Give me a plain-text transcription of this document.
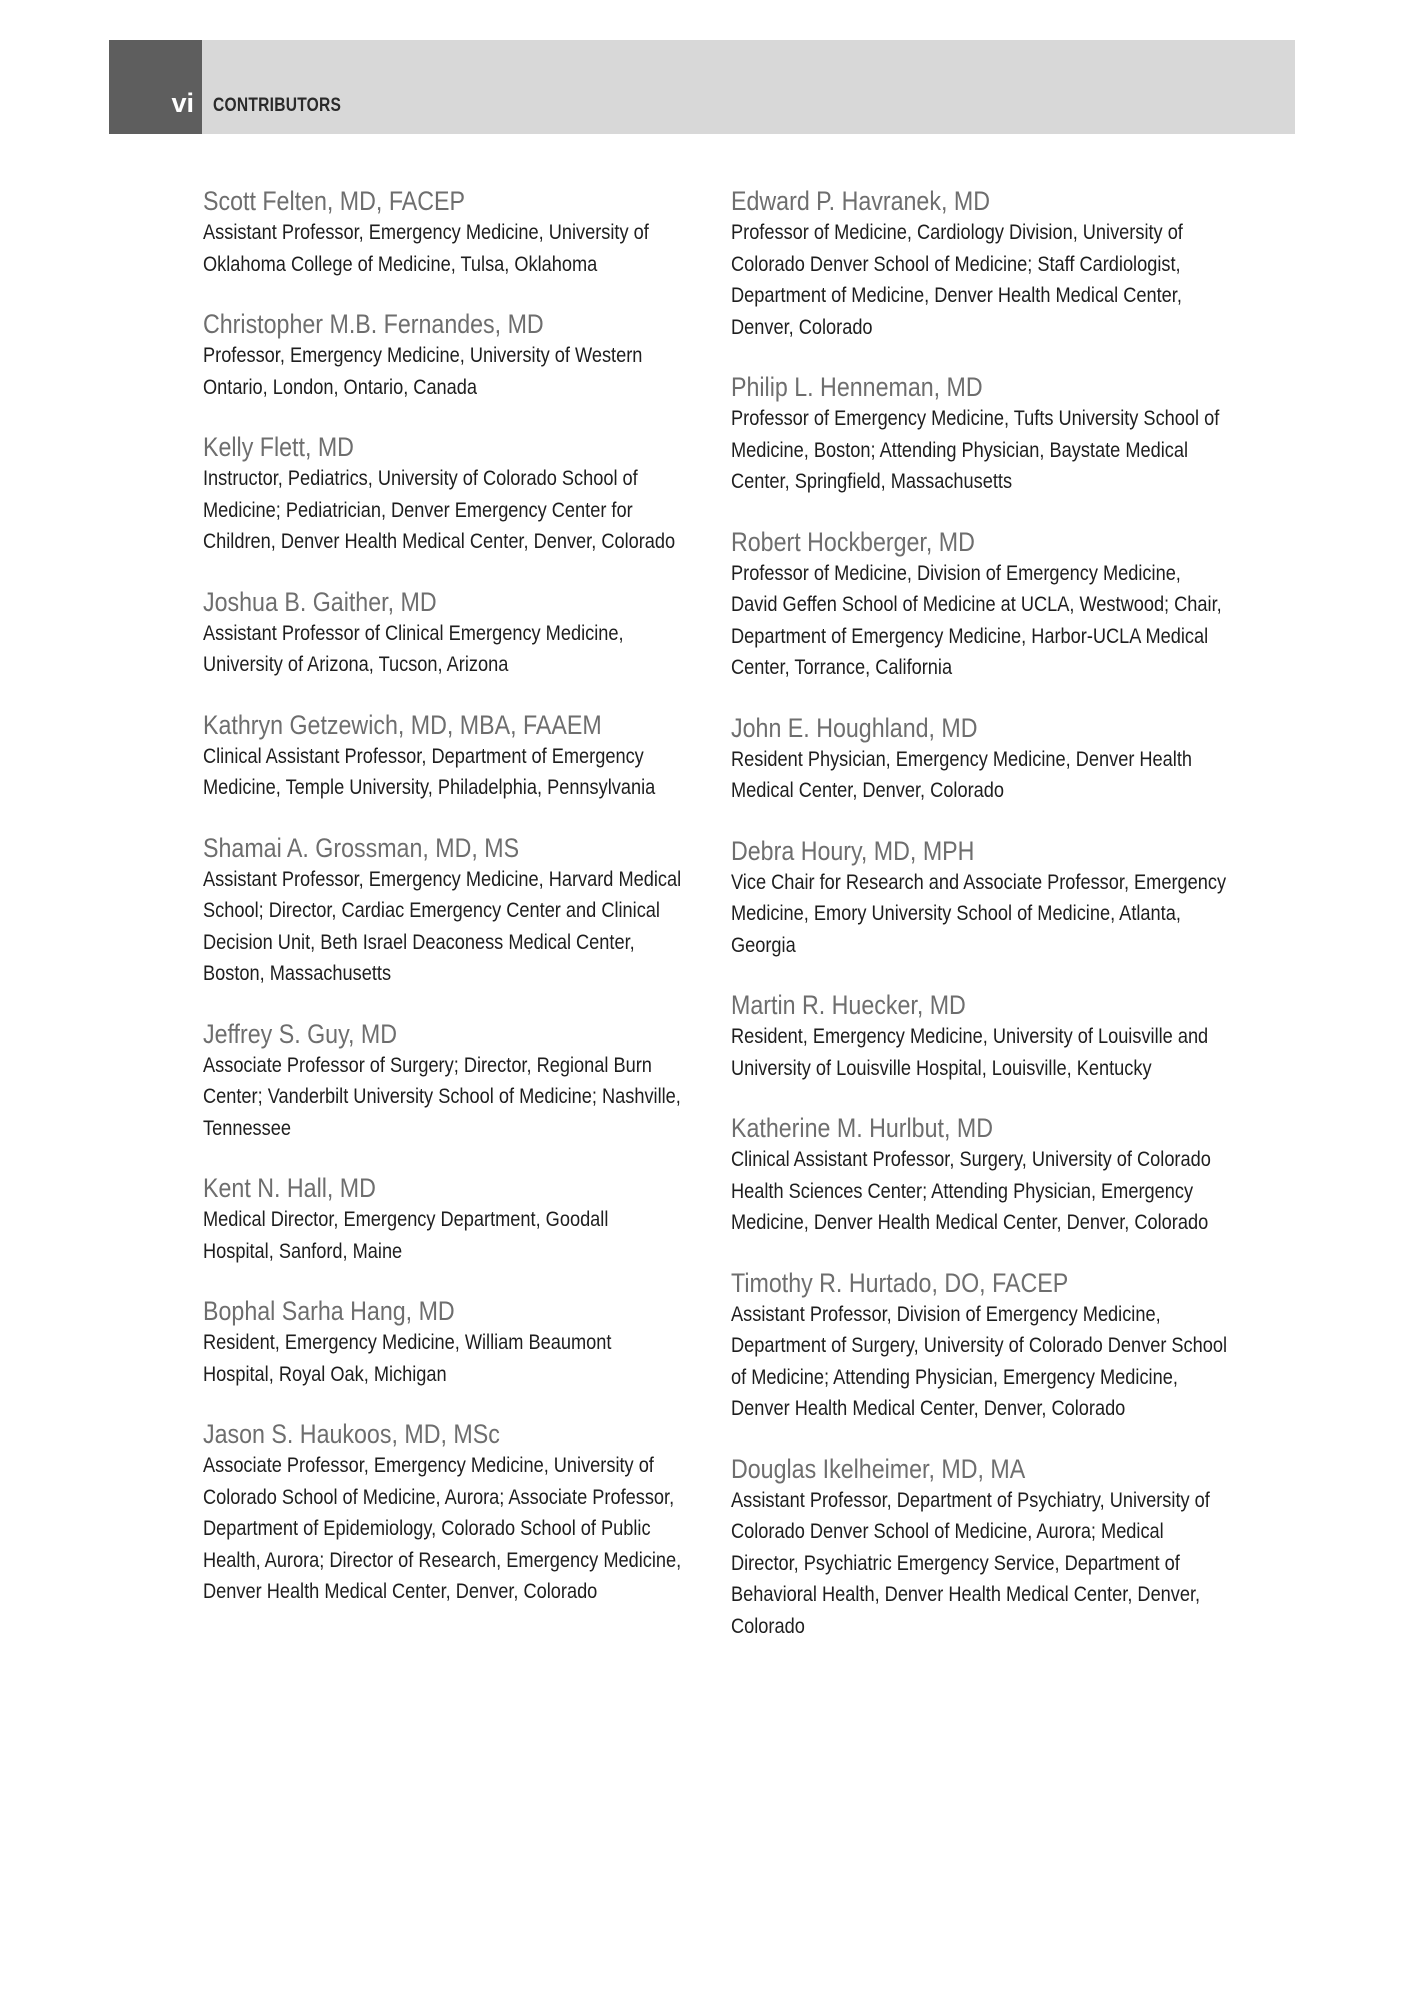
vi CONTRIBUTORS
Scott Felten, MD, FACEP
Assistant Professor, Emergency Medicine, University of Oklahoma College of Medicine, Tulsa, Oklahoma
Christopher M.B. Fernandes, MD
Professor, Emergency Medicine, University of Western Ontario, London, Ontario, Canada
Kelly Flett, MD
Instructor, Pediatrics, University of Colorado School of Medicine; Pediatrician, Denver Emergency Center for Children, Denver Health Medical Center, Denver, Colorado
Joshua B. Gaither, MD
Assistant Professor of Clinical Emergency Medicine, University of Arizona, Tucson, Arizona
Kathryn Getzewich, MD, MBA, FAAEM
Clinical Assistant Professor, Department of Emergency Medicine, Temple University, Philadelphia, Pennsylvania
Shamai A. Grossman, MD, MS
Assistant Professor, Emergency Medicine, Harvard Medical School; Director, Cardiac Emergency Center and Clinical Decision Unit, Beth Israel Deaconess Medical Center, Boston, Massachusetts
Jeffrey S. Guy, MD
Associate Professor of Surgery; Director, Regional Burn Center; Vanderbilt University School of Medicine; Nashville, Tennessee
Kent N. Hall, MD
Medical Director, Emergency Department, Goodall Hospital, Sanford, Maine
Bophal Sarha Hang, MD
Resident, Emergency Medicine, William Beaumont Hospital, Royal Oak, Michigan
Jason S. Haukoos, MD, MSc
Associate Professor, Emergency Medicine, University of Colorado School of Medicine, Aurora; Associate Professor, Department of Epidemiology, Colorado School of Public Health, Aurora; Director of Research, Emergency Medicine, Denver Health Medical Center, Denver, Colorado
Edward P. Havranek, MD
Professor of Medicine, Cardiology Division, University of Colorado Denver School of Medicine; Staff Cardiologist, Department of Medicine, Denver Health Medical Center, Denver, Colorado
Philip L. Henneman, MD
Professor of Emergency Medicine, Tufts University School of Medicine, Boston; Attending Physician, Baystate Medical Center, Springfield, Massachusetts
Robert Hockberger, MD
Professor of Medicine, Division of Emergency Medicine, David Geffen School of Medicine at UCLA, Westwood; Chair, Department of Emergency Medicine, Harbor-UCLA Medical Center, Torrance, California
John E. Houghland, MD
Resident Physician, Emergency Medicine, Denver Health Medical Center, Denver, Colorado
Debra Houry, MD, MPH
Vice Chair for Research and Associate Professor, Emergency Medicine, Emory University School of Medicine, Atlanta, Georgia
Martin R. Huecker, MD
Resident, Emergency Medicine, University of Louisville and University of Louisville Hospital, Louisville, Kentucky
Katherine M. Hurlbut, MD
Clinical Assistant Professor, Surgery, University of Colorado Health Sciences Center; Attending Physician, Emergency Medicine, Denver Health Medical Center, Denver, Colorado
Timothy R. Hurtado, DO, FACEP
Assistant Professor, Division of Emergency Medicine, Department of Surgery, University of Colorado Denver School of Medicine; Attending Physician, Emergency Medicine, Denver Health Medical Center, Denver, Colorado
Douglas Ikelheimer, MD, MA
Assistant Professor, Department of Psychiatry, University of Colorado Denver School of Medicine, Aurora; Medical Director, Psychiatric Emergency Service, Department of Behavioral Health, Denver Health Medical Center, Denver, Colorado
